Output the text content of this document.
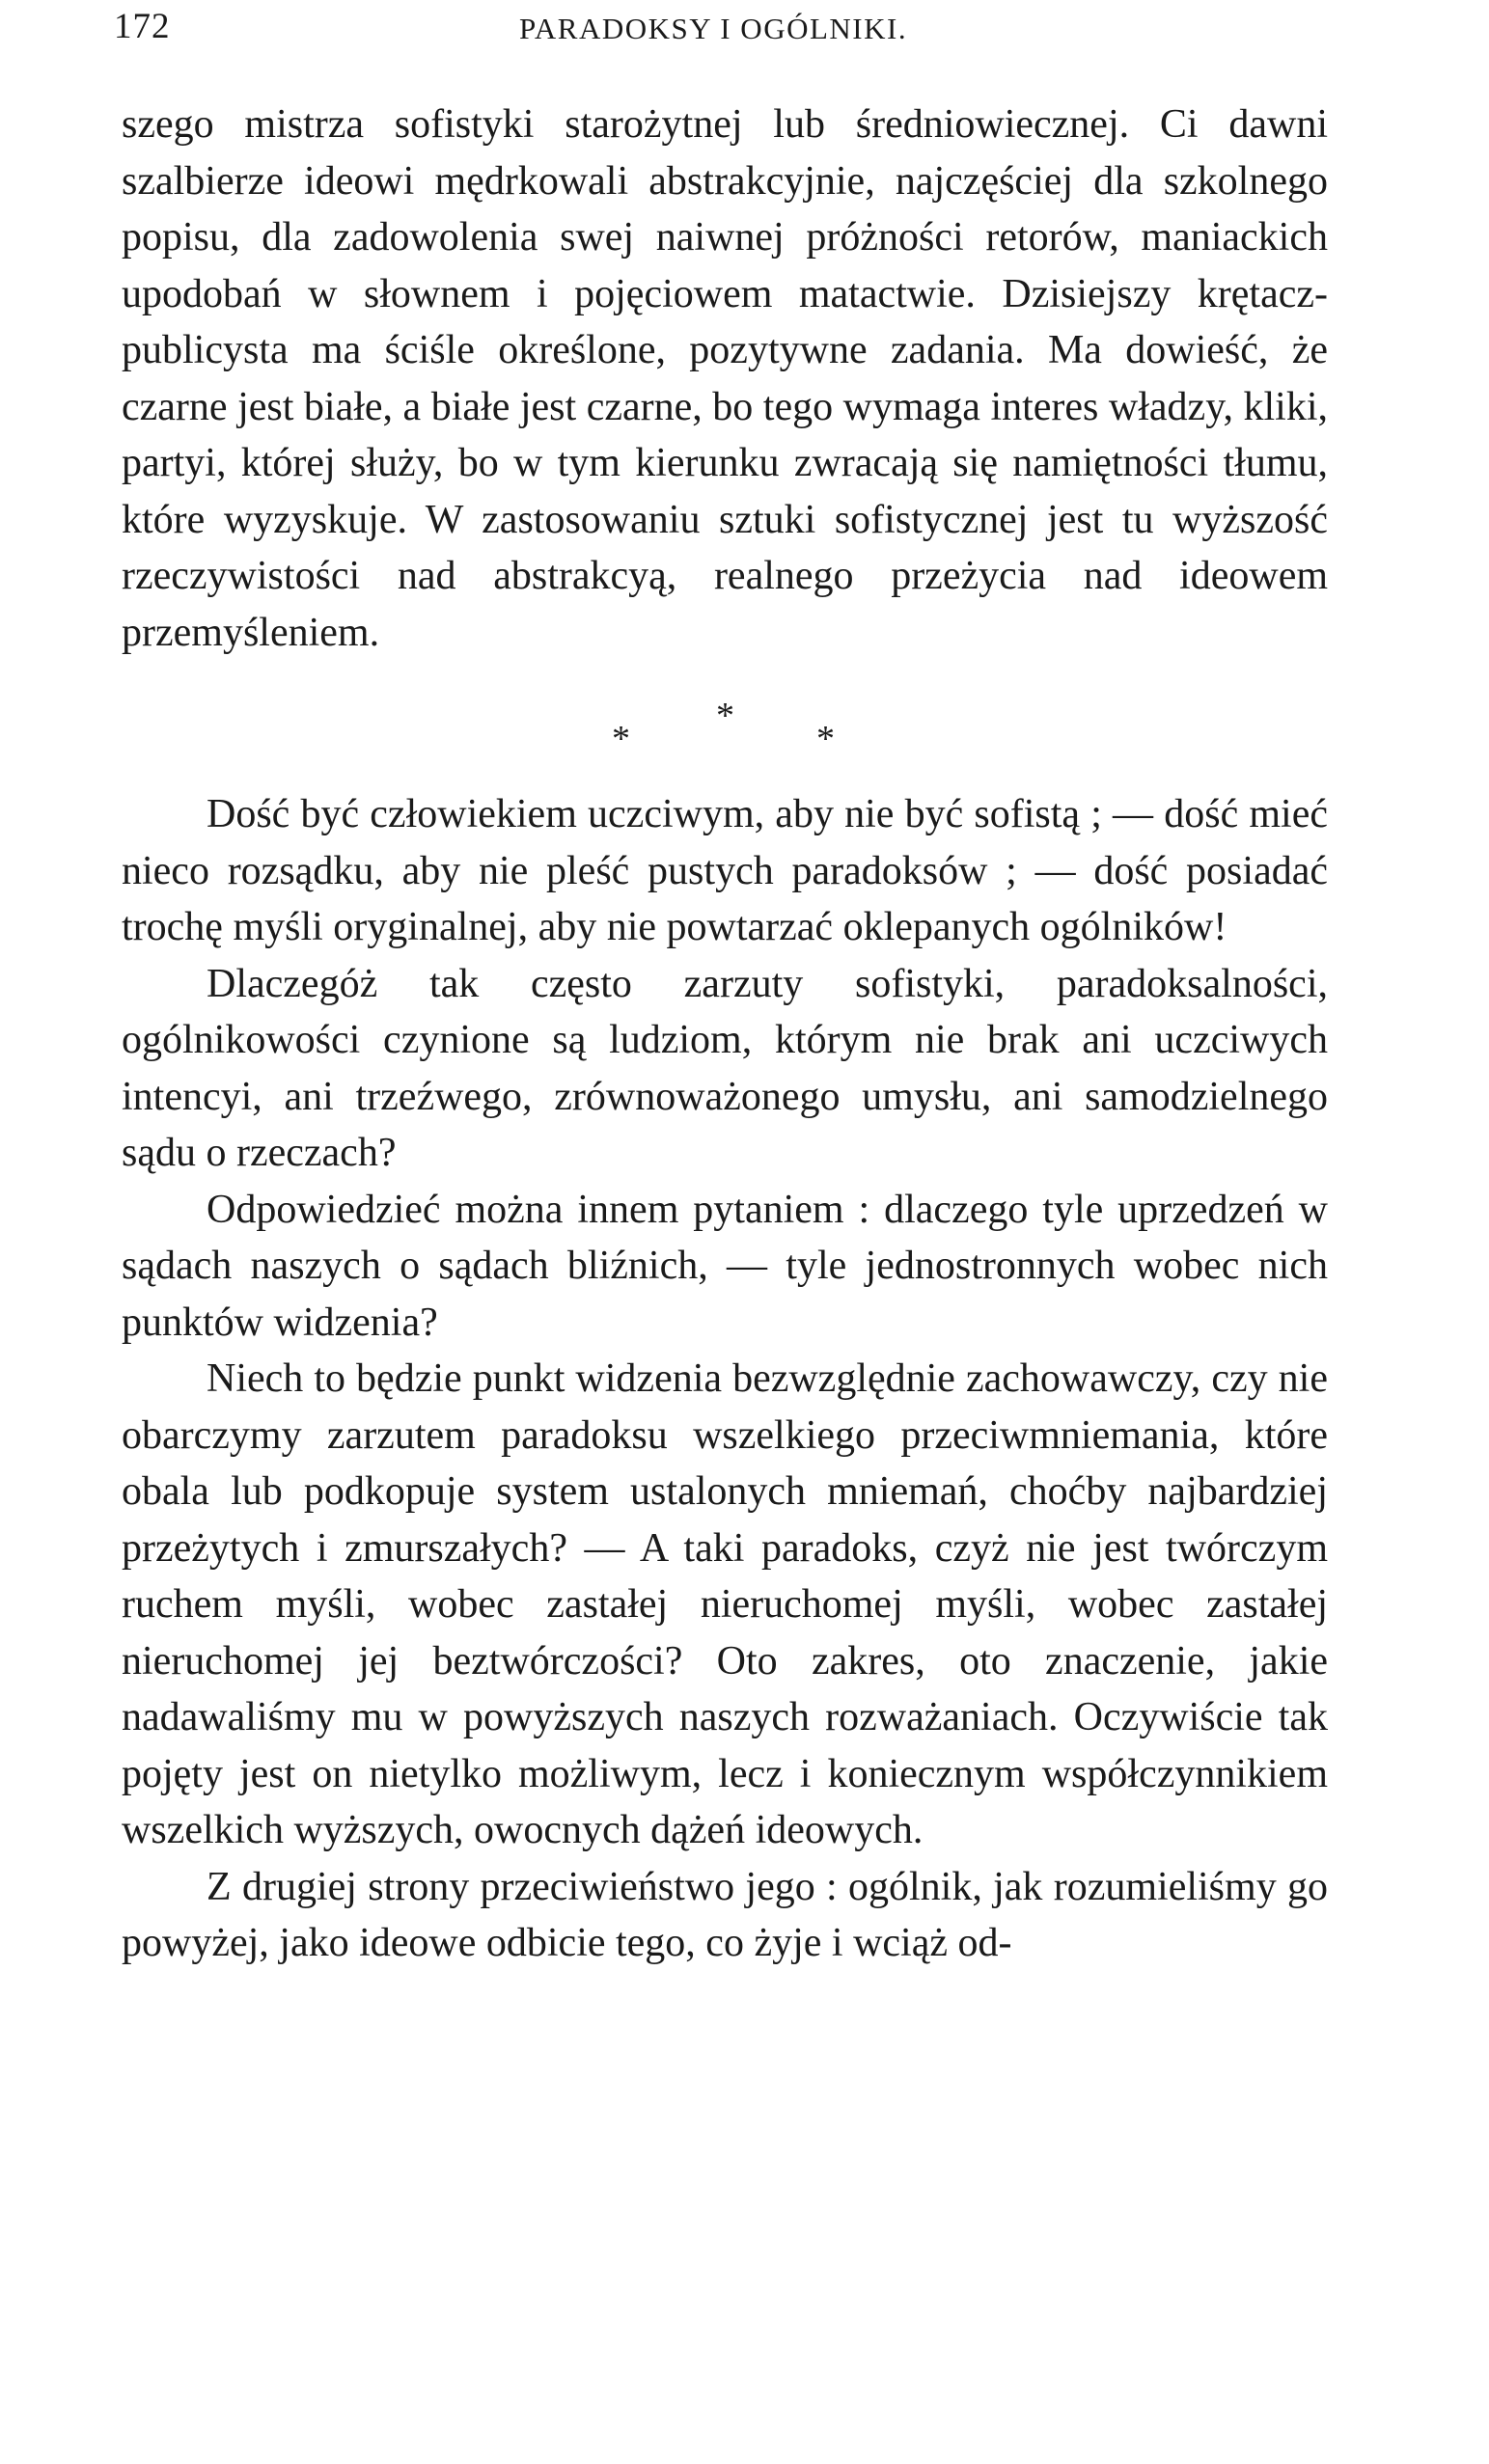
172	PARADOKSY I OGÓLNIKI.

szego mistrza sofistyki starożytnej lub średniowiecznej. Ci dawni szalbierze ideowi mędrkowali abstrakcyjnie, najczęściej dla szkolnego popisu, dla zadowolenia swej naiwnej próżności retorów, maniackich upodobań w słownem i pojęciowem matactwie. Dzisiejszy krętacz-publicysta ma ściśle określone, pozytywne zadania. Ma dowieść, że czarne jest białe, a białe jest czarne, bo tego wymaga interes władzy, kliki, partyi, której służy, bo w tym kierunku zwracają się namiętności tłumu, które wyzyskuje. W zastosowaniu sztuki sofistycznej jest tu wyższość rzeczywistości nad abstrakcyą, realnego przeżycia nad ideowem przemyśleniem.

*
*
*

Dość być człowiekiem uczciwym, aby nie być sofistą ; — dość mieć nieco rozsądku, aby nie pleść pustych paradoksów ; — dość posiadać trochę myśli oryginalnej, aby nie powtarzać oklepanych ogólników!

Dlaczegóż tak często zarzuty sofistyki, paradoksalności, ogólnikowości czynione są ludziom, którym nie brak ani uczciwych intencyi, ani trzeźwego, zrównoważonego umysłu, ani samodzielnego sądu o rzeczach?

Odpowiedzieć można innem pytaniem : dlaczego tyle uprzedzeń w sądach naszych o sądach bliźnich, — tyle jednostronnych wobec nich punktów widzenia?

Niech to będzie punkt widzenia bezwzględnie zachowawczy, czy nie obarczymy zarzutem paradoksu wszelkiego przeciwmniemania, które obala lub podkopuje system ustalonych mniemań, choćby najbardziej przeżytych i zmurszałych? — A taki paradoks, czyż nie jest twórczym ruchem myśli, wobec zastałej nieruchomej myśli, wobec zastałej nieruchomej jej beztwórczości? Oto zakres, oto znaczenie, jakie nadawaliśmy mu w powyższych naszych rozważaniach. Oczywiście tak pojęty jest on nietylko możliwym, lecz i koniecznym współczynnikiem wszelkich wyższych, owocnych dążeń ideowych.

Z drugiej strony przeciwieństwo jego : ogólnik, jak rozumieliśmy go powyżej, jako ideowe odbicie tego, co żyje i wciąż od-
